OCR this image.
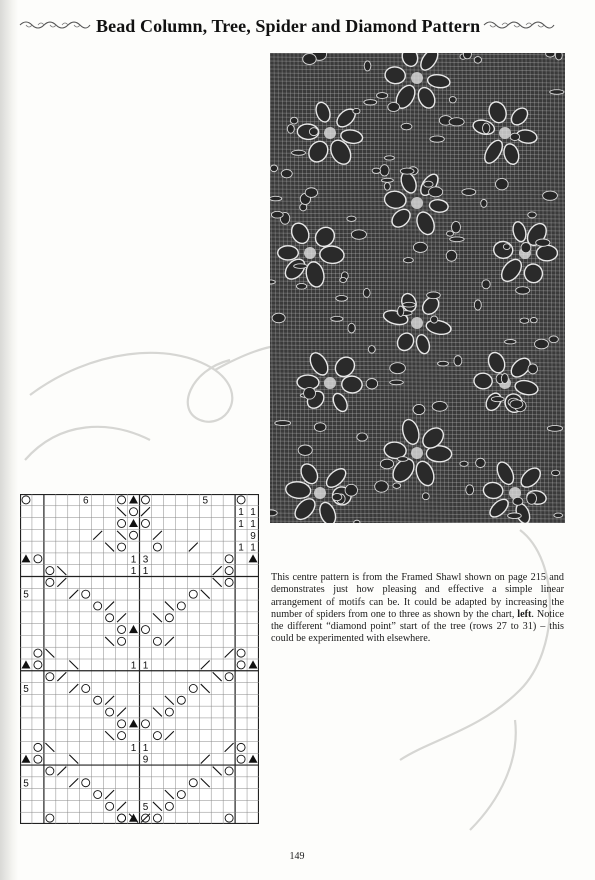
Bead Column, Tree, Spider and Diamond Pattern
6	5
1 1
1 1
9
1 1
1 3
1 1
5
1 1
5
1 1
9
5
5
This centre pattern is from the Framed Shawl shown on page 215 and demonstrates just how pleasing and effective a simple linear arrangement of motifs can be. It could be adapted by increasing the number of spiders from one to three as shown by the chart, left. Notice the different “diamond point” start of the tree (rows 27 to 31) – this could be experimented with elsewhere.
149
